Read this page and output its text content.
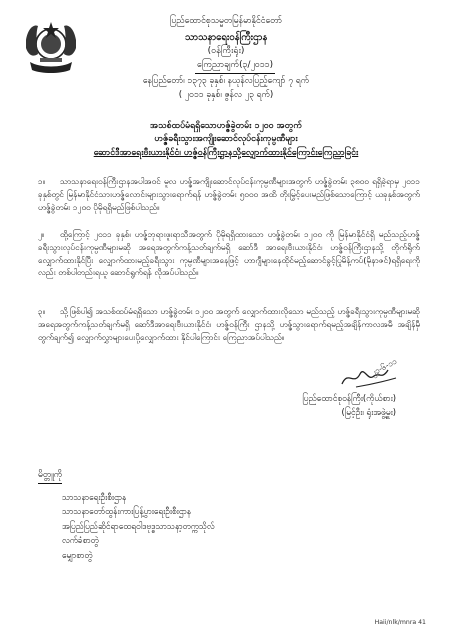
ပြည်ထောင်စုသမ္မတမြန်မာနိုင်ငံတော်
သာသနာရေးဝန်ကြီးဌာန
(ဝန်ကြီးရုံး)
ကြေညာချက်(၃/၂၀၁၁)
နေပြည်တော်၊ ၁၃၇၃ ခုနှစ်၊ နယုန်လပြည့်ကျော် ၇ ရက်
( ၂၀၁၁ ခုနှစ်၊ ဇွန်လ ၂၃ ရက်)
အသစ်ထပ်မံရရှိသောဟဇ္ဇ်ခွဲတမ်း ၁၂၀၀ အတွက်
ဟဇ္ဇ်ခရီးသွားအကျိုးဆောင်လုပ်ငန်းကုမ္ပဏီများ
ဆောင်ဒီအာရေးဗီးယားနိုင်ငံ၊ ဟဇ္ဇ်ဝန်ကြီးဌာနသို့လျှောက်ထားနိုင်ကြောင်းကြေညာခြင်း
၁။ သာသနာရေးဝန်ကြီးဌာနအပါအဝင် မူလ ဟဇ္ဇ်အကျိုးဆောင်လုပ်ငန်းကုမ္ပဏီများအတွက် ဟဇ္ဇ်ခွဲတမ်း ၃၈၀၀ ရရှိခဲ့ရာမှ ၂၀၁၁ ခုနှစ်တွင် မြန်မာနိုင်ငံသားဟဇ္ဇ်လောင်းများသွားရောက်ရန် ဟဇ္ဇ်ခွဲတမ်း ၅၀၀၀ အထိ တိုးမြှင့်ပေးမည်ဖြစ်သောကြောင့် ယခုနှစ်အတွက် ဟဇ္ဇ်ခွဲတမ်း ၁၂၀၀ ပိုမိုရရှိမည်ဖြစ်ပါသည်။
၂။ ထို့ကြောင့် ၂၀၁၁ ခုနှစ်၊ ဟဇ္ဇ်ဘုရားဖူးရာသီအတွက် ပိုမိုရရှိထားသော ဟဇ္ဇ်ခွဲတမ်း ၁၂၀၀ ကို မြန်မာနိုင်ငံရှိ မည်သည့်ဟဇ္ဇ်ခရီးသွားလုပ်ငန်းကုမ္ပဏီများမဆို အရေအတွက်ကန့်သတ်ချက်မရှိ ဆော်ဒီ အာရေးဗီးယားနိုင်ငံ၊ ဟဇ္ဇ်ဝန်ကြီးဌာနသို့ တိုက်ရိုက်လျှောက်ထားနိုင်ပြီး လျှောက်ထားမည့်ခရီးသွား ကုမ္ပဏီများအနေဖြင့် ဟာဂျီများနေထိုင်မည့်ဆောင်ခွင့်ပြုမိန့်ကပ်(မိုနာဇင်)ရရှိရေးကိုလည်း တစ်ပါတည်းရယူ ဆောင်ရွက်ရန် လိုအပ်ပါသည်။
၃။ သို့ဖြစ်ပါ၍ အသစ်ထပ်မံရရှိသော ဟဇ္ဇ်ခွဲတမ်း ၁၂၀၀ အတွက် လျှောက်ထားလိုသော မည်သည့် ဟဇ္ဇ်ခရီးသွားကုမ္ပဏီများမဆို အရေအတွက်ကန့်သတ်ချက်မရှိ ဆော်ဒီအာရေးဗီးယားနိုင်ငံ၊ ဟဇ္ဇ်ဝန်ကြီး ဌာနသို့ ဟဇ္ဇ်သွားရောက်ရမည့်အချိန်ကာလအမီ အချိန်မှီတွက်ချက်၍ လျှောက်လွှာများပေးပို့လျှောက်ထား နိုင်ပါကြောင်း ကြေညာအပ်ပါသည်။
၂၃-၆-၁၁
ပြည်ထောင်စုဝန်ကြီး(ကိုယ်စား)
(မြင့်ဦး၊ ရုံးအဖွဲ့မှူး)
မိတ္တူကို
သာသနာရေးဦးစီးဌာန
သာသနာတော်ထွန်းကားပြန့်ပွားရေးဦးစီးဌာန
အပြည်ပြည်ဆိုင်ရာထေရဝါဒဗုဒ္ဓသာသနာ့တက္ကသိုလ်
လက်ခံစာတွဲ
မျှောစာတွဲ
Haii/nlk/mnra 41
